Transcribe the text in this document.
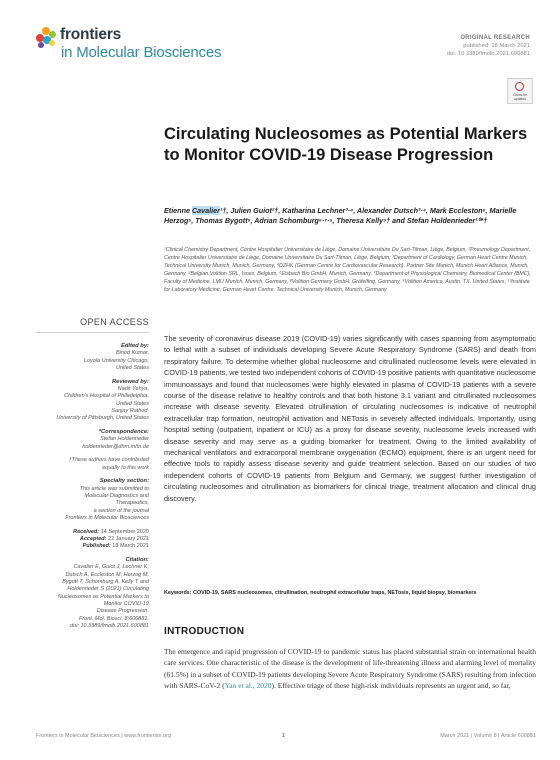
frontiers
in Molecular Biosciences
ORIGINAL RESEARCH
published: 18 March 2021
doi: 10.3389/fmolb.2021.600881
Check for updates
Circulating Nucleosomes as Potential Markers to Monitor COVID-19 Disease Progression
Etienne Cavalier¹†, Julien Guiot²†, Katharina Lechner³·⁴, Alexander Dutsch³·⁴, Mark Eccleston⁵, Marielle Herzog⁵, Thomas Bygott⁵, Adrian Schomburg⁶·⁷·⁸, Theresa Kelly⁹† and Stefan Holdenrieder¹⁰*†
¹Clinical Chemistry Department, Centre Hospitalier Universitaire de Liège, Domaine Universitaire Du Sart-Tilman, Liège, Belgium, ²Pneumology Department, Centre Hospitalier Universitaire de Liège, Domaine Universitaire Du Sart-Tilman, Liège, Belgium, ³Department of Cardiology, German Heart Centre Munich, Technical University Munich, Munich, Germany, ⁴DZHK (German Centre for Cardiovascular Research), Partner Site Munich, Munich Heart Alliance, Munich, Germany, ⁵Belgian Volition SRL, Isnes, Belgium, ⁶Elsbach Bio GmbH, Munich, Germany, ⁷Department of Physiological Chemistry, Biomedical Center (BMC), Faculty of Medicine, LMU Munich, Munich, Germany, ⁸Volition Germany GmbH, Gräfelfing, Germany, ⁹Volition America, Austin, TX, United States, ¹⁰Institute for Laboratory Medicine, German Heart Centre, Technical University Munich, Munich, Germany
OPEN ACCESS
Edited by:
Binod Kumar,
Loyola University Chicago,
United States
Reviewed by:
Nadir Yehya,
Children's Hospital of Philadelphia,
United States
Sanjay Rathod,
University of Pittsburgh, United States
*Correspondence:
Stefan Holdenrieder
holdenrieder@dhm.mhn.de
†These authors have contributed
equally to this work
Specialty section:
This article was submitted to
Molecular Diagnostics and
Therapeutics,
a section of the journal
Frontiers in Molecular Biosciences
Received: 14 September 2020
Accepted: 22 January 2021
Published: 18 March 2021
Citation:
Cavalier E, Guiot J, Lechner K,
Dutsch A, Eccleston M, Herzog M,
Bygott T, Schomburg A, Kelly T and
Holdenrieder S (2021) Circulating
Nucleosomes as Potential Markers to
Monitor COVID-19
Disease Progression.
Front. Mol. Biosci. 8:600881.
doi: 10.3389/fmolb.2021.600881

The severity of coronavirus disease 2019 (COVID-19) varies significantly with cases spanning from asymptomatic to lethal with a subset of individuals developing Severe Acute Respiratory Syndrome (SARS) and death from respiratory failure. To determine whether global nucleosome and citrullinated nucleosome levels were elevated in COVID-19 patients, we tested two independent cohorts of COVID-19 positive patients with quantitative nucleosome immunoassays and found that nucleosomes were highly elevated in plasma of COVID-19 patients with a severe course of the disease relative to healthy controls and that both histone 3.1 variant and citrullinated nucleosomes increase with disease severity. Elevated citrullination of circulating nucleosomes is indicative of neutrophil extracellular trap formation, neutrophil activation and NETosis in severely affected individuals. Importantly, using hospital setting (outpatient, inpatient or ICU) as a proxy for disease severity, nucleosome levels increased with disease severity and may serve as a guiding biomarker for treatment. Owing to the limited availability of mechanical ventilators and extracorporal membrane oxygenation (ECMO) equipment, there is an urgent need for effective tools to rapidly assess disease severity and guide treatment selection. Based on our studies of two independent cohorts of COVID-19 patients from Belgium and Germany, we suggest further investigation of circulating nucleosomes and citrullination as biomarkers for clinical triage, treatment allocation and clinical drug discovery.

Keywords: COVID-19, SARS nucleosomes, citrullination, neutrophil extracellular traps, NETosis, liquid biopsy, biomarkers
INTRODUCTION

The emergence and rapid progression of COVID-19 to pandemic status has placed substantial strain on international health care services. One characteristic of the disease is the development of life-threatening illness and alarming level of mortality (61.5%) in a subset of COVID-19 patients developing Severe Acute Respiratory Syndrome (SARS) resulting from infection with SARS-CoV-2 (Yan et al., 2020). Effective triage of these high-risk individuals represents an urgent and, so far,

Frontiers in Molecular Biosciences | www.frontiersin.org	1	March 2021 | Volume 8 | Article 600881
